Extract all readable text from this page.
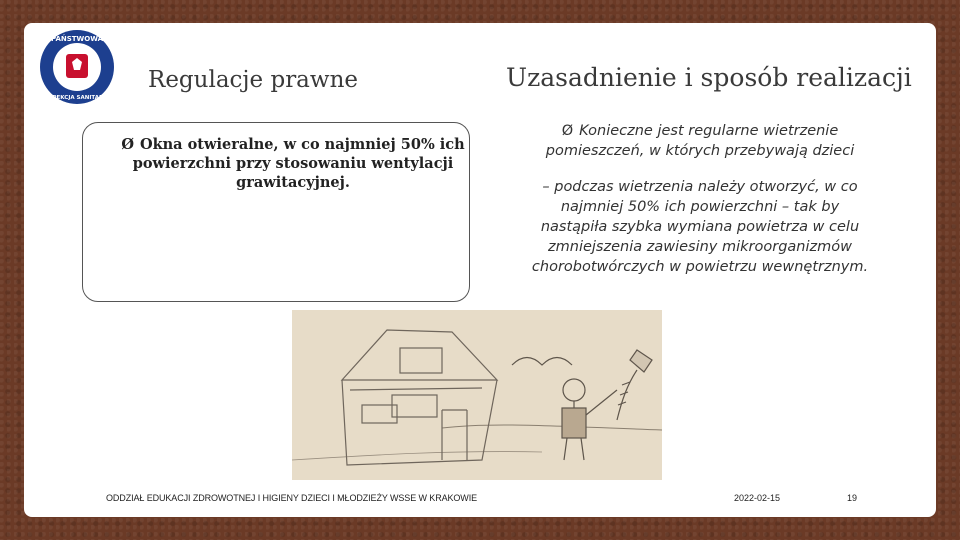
PAŃSTWOWA
INSPEKCJA SANITARNA
Regulacje prawne	Uzasadnienie i sposób realizacji
Ø Okna otwieralne, w co najmniej 50% ich powierzchni przy stosowaniu wentylacji grawitacyjnej.

Ø Konieczne jest regularne wietrzenie pomieszczeń, w których przebywają dzieci

– podczas wietrzenia należy otworzyć, w co najmniej 50% ich powierzchni – tak by nastąpiła szybka wymiana powietrza w celu zmniejszenia zawiesiny mikroorganizmów chorobotwórczych w powietrzu wewnętrznym.

ODDZIAŁ EDUKACJI ZDROWOTNEJ I HIGIENY DZIECI I MŁODZIEŻY WSSE W KRAKOWIE	2022-02-15	19
